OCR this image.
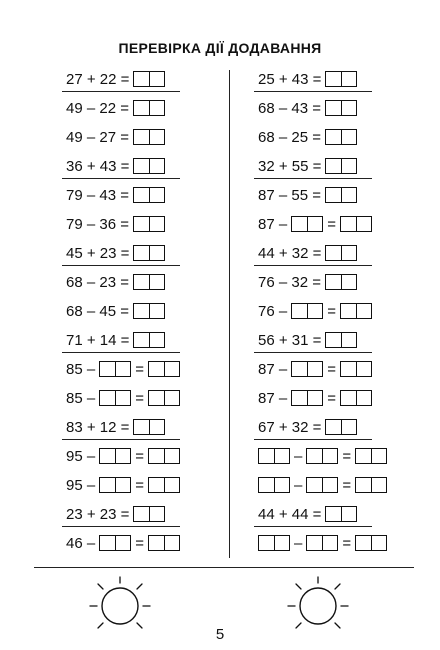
ПЕРЕВІРКА ДІЇ ДОДАВАННЯ
27 + 22 =
49 – 22 =
49 – 27 =
36 + 43 =
79 – 43 =
79 – 36 =
45 + 23 =
68 – 23 =
68 – 45 =
71 + 14 =
85 –	=
85 –	=
83 + 12 =
95 –	=
95 –	=
23 + 23 =
46 –	=
25 + 43 =
68 – 43 =
68 – 25 =
32 + 55 =
87 – 55 =
87 –	=
44 + 32 =
76 – 32 =
76 –	=
56 + 31 =
87 –	=
87 –	=
67 + 32 =
–	=
–	=
44 + 44 =
–	=
5
